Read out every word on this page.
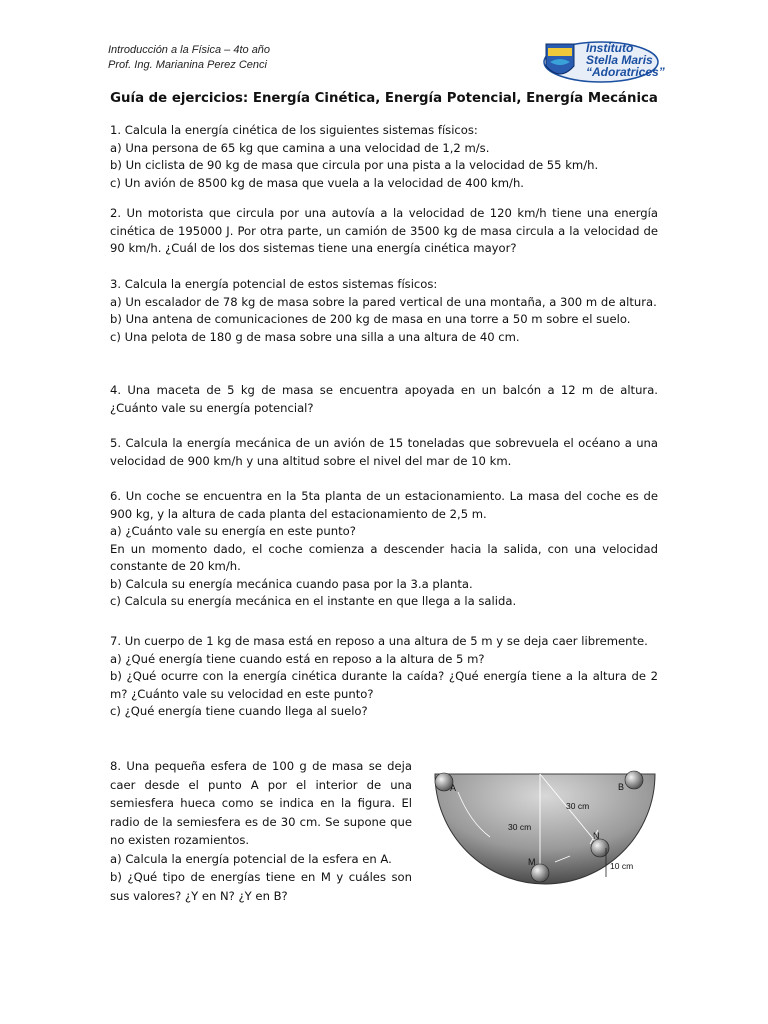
Introducción a la Física – 4to año
Prof. Ing. Marianina Perez Cenci
Instituto
Stella Maris
“Adoratrices”
Guía de ejercicios: Energía Cinética, Energía Potencial, Energía Mecánica

1. Calcula la energía cinética de los siguientes sistemas físicos:

a) Una persona de 65 kg que camina a una velocidad de 1,2 m/s.

b) Un ciclista de 90 kg de masa que circula por una pista a la velocidad de 55 km/h.

c) Un avión de 8500 kg de masa que vuela a la velocidad de 400 km/h.

2. Un motorista que circula por una autovía a la velocidad de 120 km/h tiene una energía cinética de 195000 J. Por otra parte, un camión de 3500 kg de masa circula a la velocidad de 90 km/h. ¿Cuál de los dos sistemas tiene una energía cinética mayor?

3. Calcula la energía potencial de estos sistemas físicos:

a) Un escalador de 78 kg de masa sobre la pared vertical de una montaña, a 300 m de altura.

b) Una antena de comunicaciones de 200 kg de masa en una torre a 50 m sobre el suelo.

c) Una pelota de 180 g de masa sobre una silla a una altura de 40 cm.

4. Una maceta de 5 kg de masa se encuentra apoyada en un balcón a 12 m de altura. ¿Cuánto vale su energía potencial?

5. Calcula la energía mecánica de un avión de 15 toneladas que sobrevuela el océano a una velocidad de 900 km/h y una altitud sobre el nivel del mar de 10 km.

6. Un coche se encuentra en la 5ta planta de un estacionamiento. La masa del coche es de 900 kg, y la altura de cada planta del estacionamiento de 2,5 m.

a) ¿Cuánto vale su energía en este punto?

En un momento dado, el coche comienza a descender hacia la salida, con una velocidad constante de 20 km/h.

b) Calcula su energía mecánica cuando pasa por la 3.a planta.

c) Calcula su energía mecánica en el instante en que llega a la salida.

7. Un cuerpo de 1 kg de masa está en reposo a una altura de 5 m y se deja caer libremente.

a) ¿Qué energía tiene cuando está en reposo a la altura de 5 m?

b) ¿Qué ocurre con la energía cinética durante la caída? ¿Qué energía tiene a la altura de 2 m? ¿Cuánto vale su velocidad en este punto?

c) ¿Qué energía tiene cuando llega al suelo?

8. Una pequeña esfera de 100 g de masa se deja caer desde el punto A por el interior de una semiesfera hueca como se indica en la figura. El radio de la semiesfera es de 30 cm. Se supone que no existen rozamientos.

a) Calcula la energía potencial de la esfera en A.

b) ¿Qué tipo de energías tiene en M y cuáles son sus valores? ¿Y en N? ¿Y en B?

A	B
M
N
30 cm
30 cm
10 cm
